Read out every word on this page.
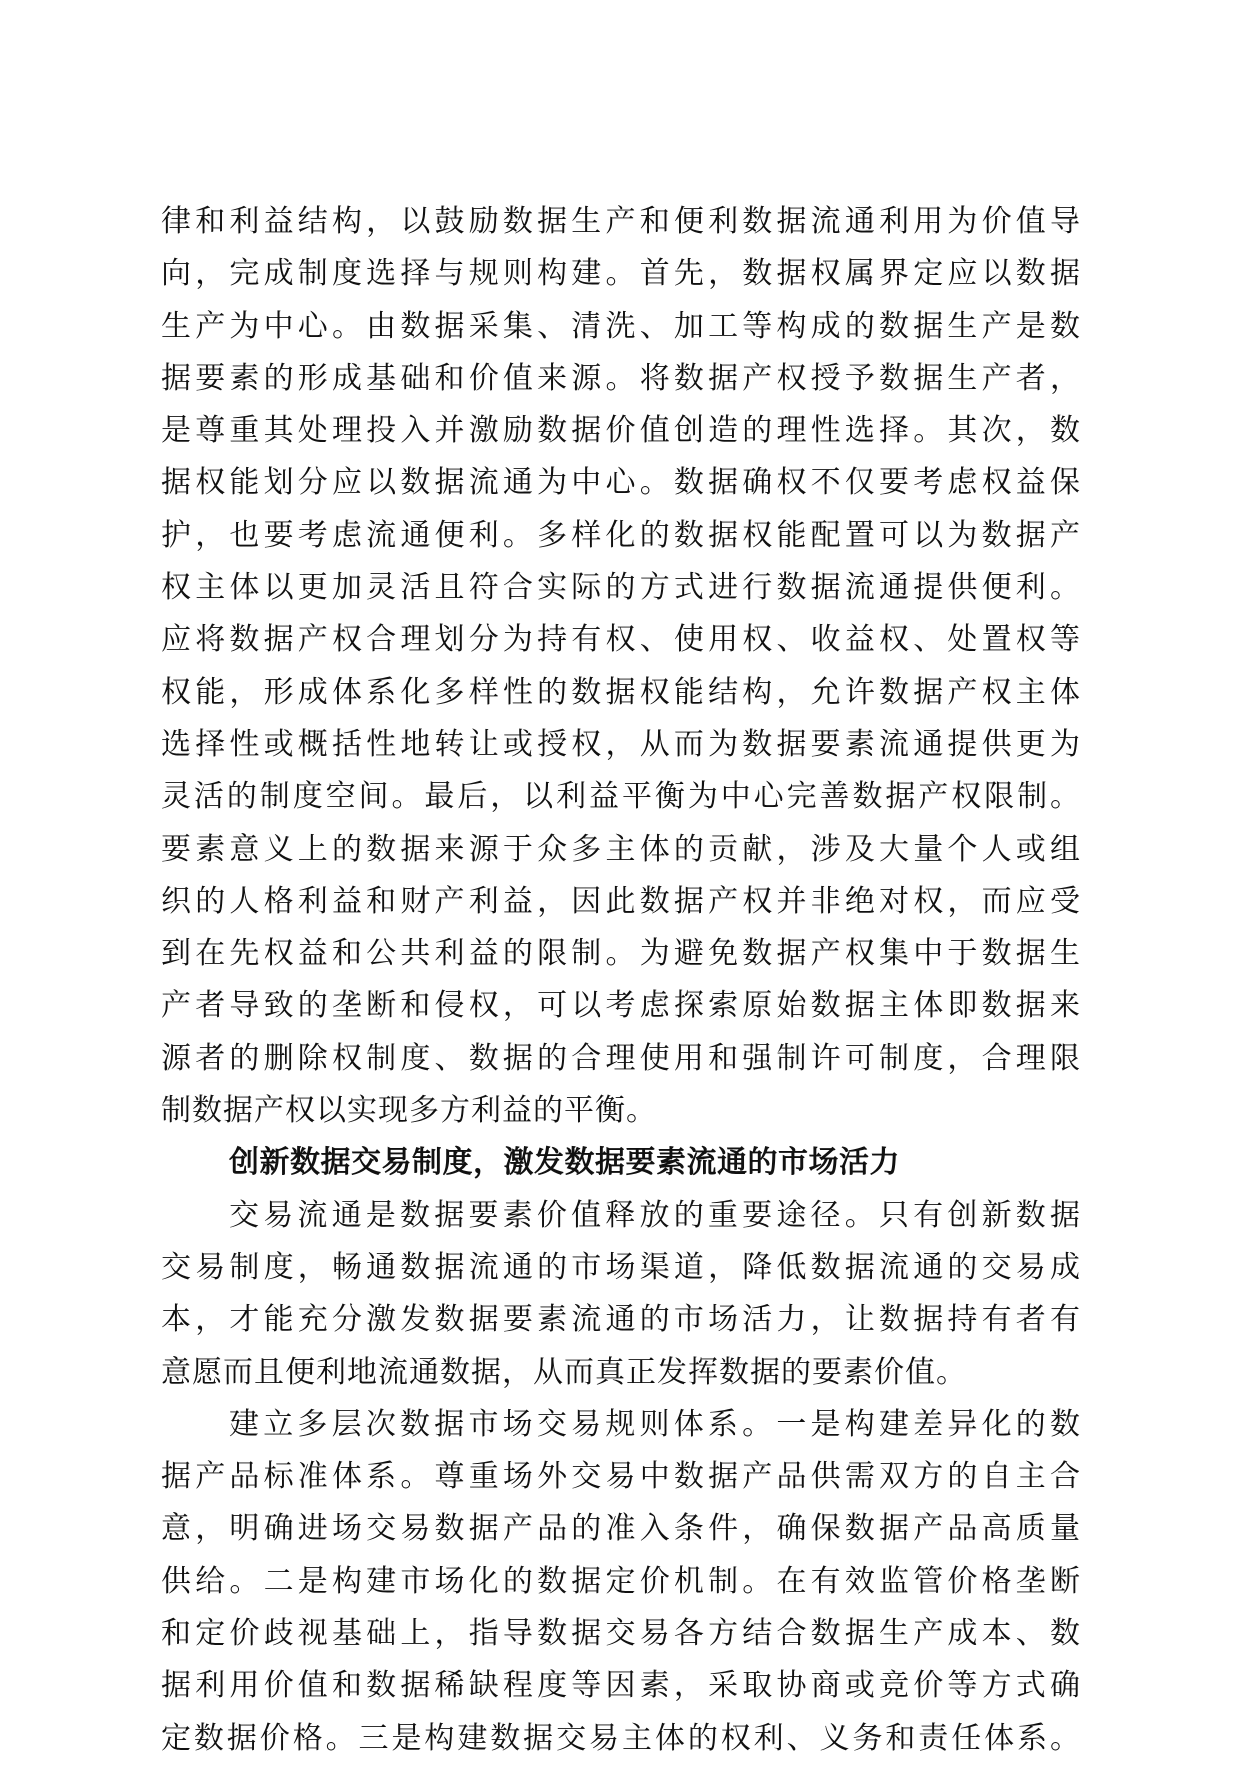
律和利益结构，以鼓励数据生产和便利数据流通利用为价值导
向，完成制度选择与规则构建。首先，数据权属界定应以数据
生产为中心。由数据采集、清洗、加工等构成的数据生产是数
据要素的形成基础和价值来源。将数据产权授予数据生产者，
是尊重其处理投入并激励数据价值创造的理性选择。其次，数
据权能划分应以数据流通为中心。数据确权不仅要考虑权益保
护，也要考虑流通便利。多样化的数据权能配置可以为数据产
权主体以更加灵活且符合实际的方式进行数据流通提供便利。
应将数据产权合理划分为持有权、使用权、收益权、处置权等
权能，形成体系化多样性的数据权能结构，允许数据产权主体
选择性或概括性地转让或授权，从而为数据要素流通提供更为
灵活的制度空间。最后，以利益平衡为中心完善数据产权限制。
要素意义上的数据来源于众多主体的贡献，涉及大量个人或组
织的人格利益和财产利益，因此数据产权并非绝对权，而应受
到在先权益和公共利益的限制。为避免数据产权集中于数据生
产者导致的垄断和侵权，可以考虑探索原始数据主体即数据来
源者的删除权制度、数据的合理使用和强制许可制度，合理限
制数据产权以实现多方利益的平衡。
创新数据交易制度，激发数据要素流通的市场活力
交易流通是数据要素价值释放的重要途径。只有创新数据
交易制度，畅通数据流通的市场渠道，降低数据流通的交易成
本，才能充分激发数据要素流通的市场活力，让数据持有者有
意愿而且便利地流通数据，从而真正发挥数据的要素价值。
建立多层次数据市场交易规则体系。一是构建差异化的数
据产品标准体系。尊重场外交易中数据产品供需双方的自主合
意，明确进场交易数据产品的准入条件，确保数据产品高质量
供给。二是构建市场化的数据定价机制。在有效监管价格垄断
和定价歧视基础上，指导数据交易各方结合数据生产成本、数
据利用价值和数据稀缺程度等因素，采取协商或竞价等方式确
定数据价格。三是构建数据交易主体的权利、义务和责任体系。
